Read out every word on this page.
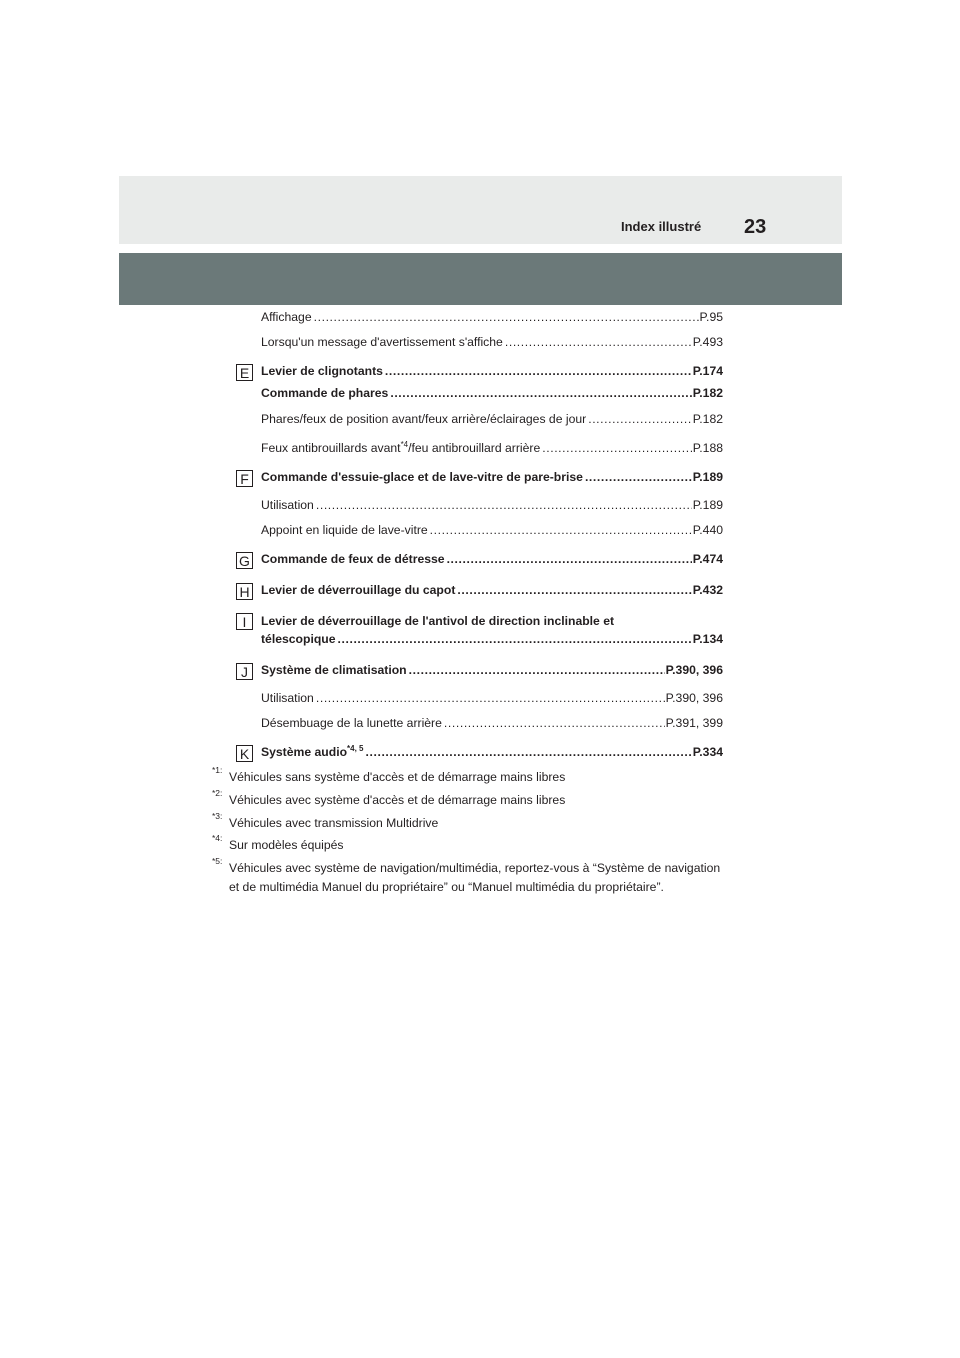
Index illustré 23
Affichage .....	P.95
Lorsqu'un message d'avertissement s'affiche .....	P.493
E Levier de clignotants .....	P.174
Commande de phares .....	P.182
Phares/feux de position avant/feux arrière/éclairages de jour .....	P.182
Feux antibrouillards avant$^{*4}$/feu antibrouillard arrière .....	P.188
F	Commande d'essuie-glace et de lave-vitre de pare-brise .....	P.189
Utilisation .....	P.189
Appoint en liquide de lave-vitre .....	P.440
G Commande de feux de détresse .....	P.474
H Levier de déverrouillage du capot .....	P.432
I	Levier de déverrouillage de l'antivol de direction inclinable et
télescopique .....	P.134
J	Système de climatisation .....	P.390, 396
Utilisation .....	P.390, 396
Désembuage de la lunette arrière .....	P.391, 399
K Système audio$^{*4, 5}$ .....	P.334
*1: Véhicules sans système d'accès et de démarrage mains libres
*2: Véhicules avec système d'accès et de démarrage mains libres
*3: Véhicules avec transmission Multidrive
*4: Sur modèles équipés
*5: Véhicules avec système de navigation/multimédia, reportez-vous à “Système de navigation
et de multimédia Manuel du propriétaire” ou “Manuel multimédia du propriétaire”.
